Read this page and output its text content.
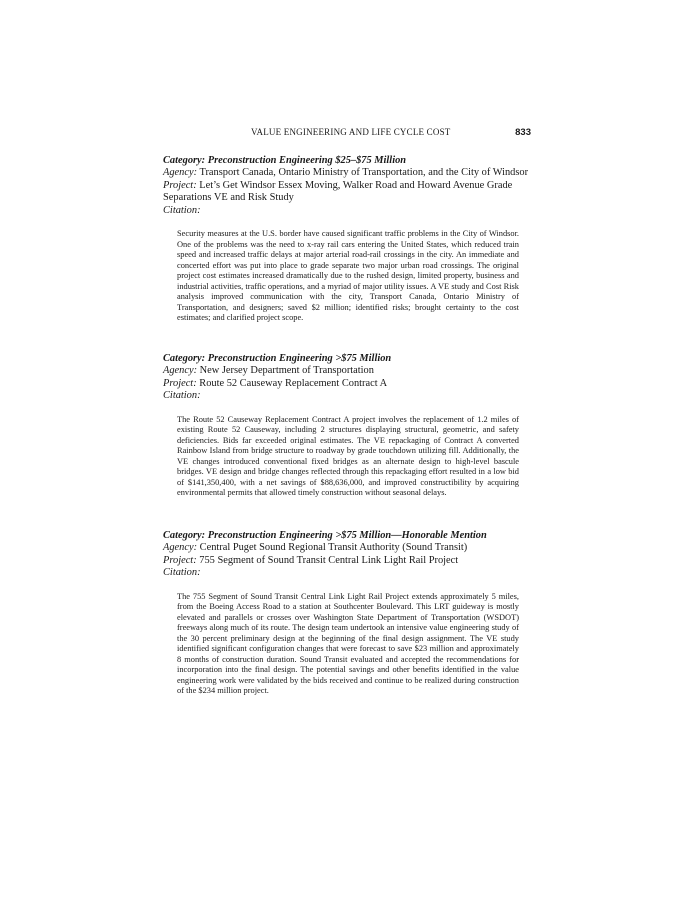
VALUE ENGINEERING AND LIFE CYCLE COST	833
Category: Preconstruction Engineering $25–$75 Million
Agency: Transport Canada, Ontario Ministry of Transportation, and the City of Windsor
Project: Let’s Get Windsor Essex Moving, Walker Road and Howard Avenue Grade Separations VE and Risk Study
Citation:

Security measures at the U.S. border have caused significant traffic problems in the City of Windsor. One of the problems was the need to x-ray rail cars entering the United States, which reduced train speed and increased traffic delays at major arterial road-rail crossings in the city. An immediate and concerted effort was put into place to grade separate two major urban road crossings. The original project cost estimates increased dramatically due to the rushed design, limited property, business and industrial activities, traffic operations, and a myriad of major utility issues. A VE study and Cost Risk analysis improved communication with the city, Transport Canada, Ontario Ministry of Transportation, and designers; saved $2 million; identified risks; brought certainty to the cost estimates; and clarified project scope.

Category: Preconstruction Engineering >$75 Million
Agency: New Jersey Department of Transportation
Project: Route 52 Causeway Replacement Contract A
Citation:

The Route 52 Causeway Replacement Contract A project involves the replacement of 1.2 miles of existing Route 52 Causeway, including 2 structures displaying structural, geometric, and safety deficiencies. Bids far exceeded original estimates. The VE repackaging of Contract A converted Rainbow Island from bridge structure to roadway by grade touchdown utilizing fill. Additionally, the VE changes introduced conventional fixed bridges as an alternate design to high-level bascule bridges. VE design and bridge changes reflected through this repackaging effort resulted in a low bid of $141,350,400, with a net savings of $88,636,000, and improved constructibility by acquiring environmental permits that allowed timely construction without seasonal delays.

Category: Preconstruction Engineering >$75 Million—Honorable Mention
Agency: Central Puget Sound Regional Transit Authority (Sound Transit)
Project: 755 Segment of Sound Transit Central Link Light Rail Project
Citation:

The 755 Segment of Sound Transit Central Link Light Rail Project extends approximately 5 miles, from the Boeing Access Road to a station at Southcenter Boulevard. This LRT guideway is mostly elevated and parallels or crosses over Washington State Department of Transportation (WSDOT) freeways along much of its route. The design team undertook an intensive value engineering study of the 30 percent preliminary design at the beginning of the final design assignment. The VE study identified significant configuration changes that were forecast to save $23 million and approximately 8 months of construction duration. Sound Transit evaluated and accepted the recommendations for incorporation into the final design. The potential savings and other benefits identified in the value engineering work were validated by the bids received and continue to be realized during construction of the $234 million project.
